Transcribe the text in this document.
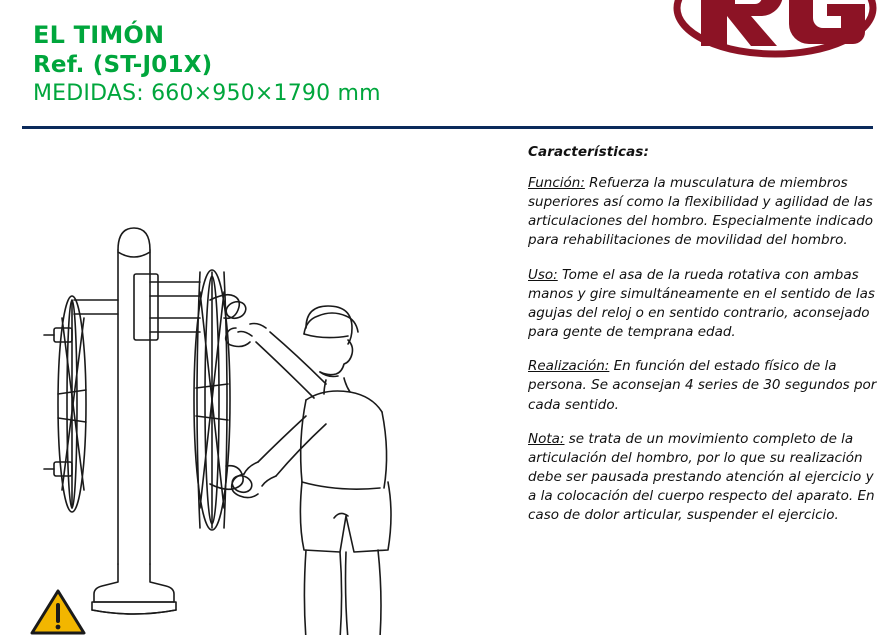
EL TIMÓN
Ref. (ST-J01X)
MEDIDAS: 660×950×1790 mm

Características:

Función: Refuerza la musculatura de miembros superiores así como la flexibilidad y agilidad de las articulaciones del hombro. Especialmente indicado para rehabilitaciones de movilidad del hombro.

Uso: Tome el asa de la rueda rotativa con ambas manos y gire simultáneamente en el sentido de las agujas del reloj o en sentido contrario, aconsejado para gente de temprana edad.

Realización: En función del estado físico de la persona. Se aconsejan 4 series de 30 segundos por cada sentido.

Nota: se trata de un movimiento completo de la articulación del hombro, por lo que su realización debe ser pausada prestando atención al ejercicio y a la colocación del cuerpo respecto del aparato. En caso de dolor articular, suspender el ejercicio.
